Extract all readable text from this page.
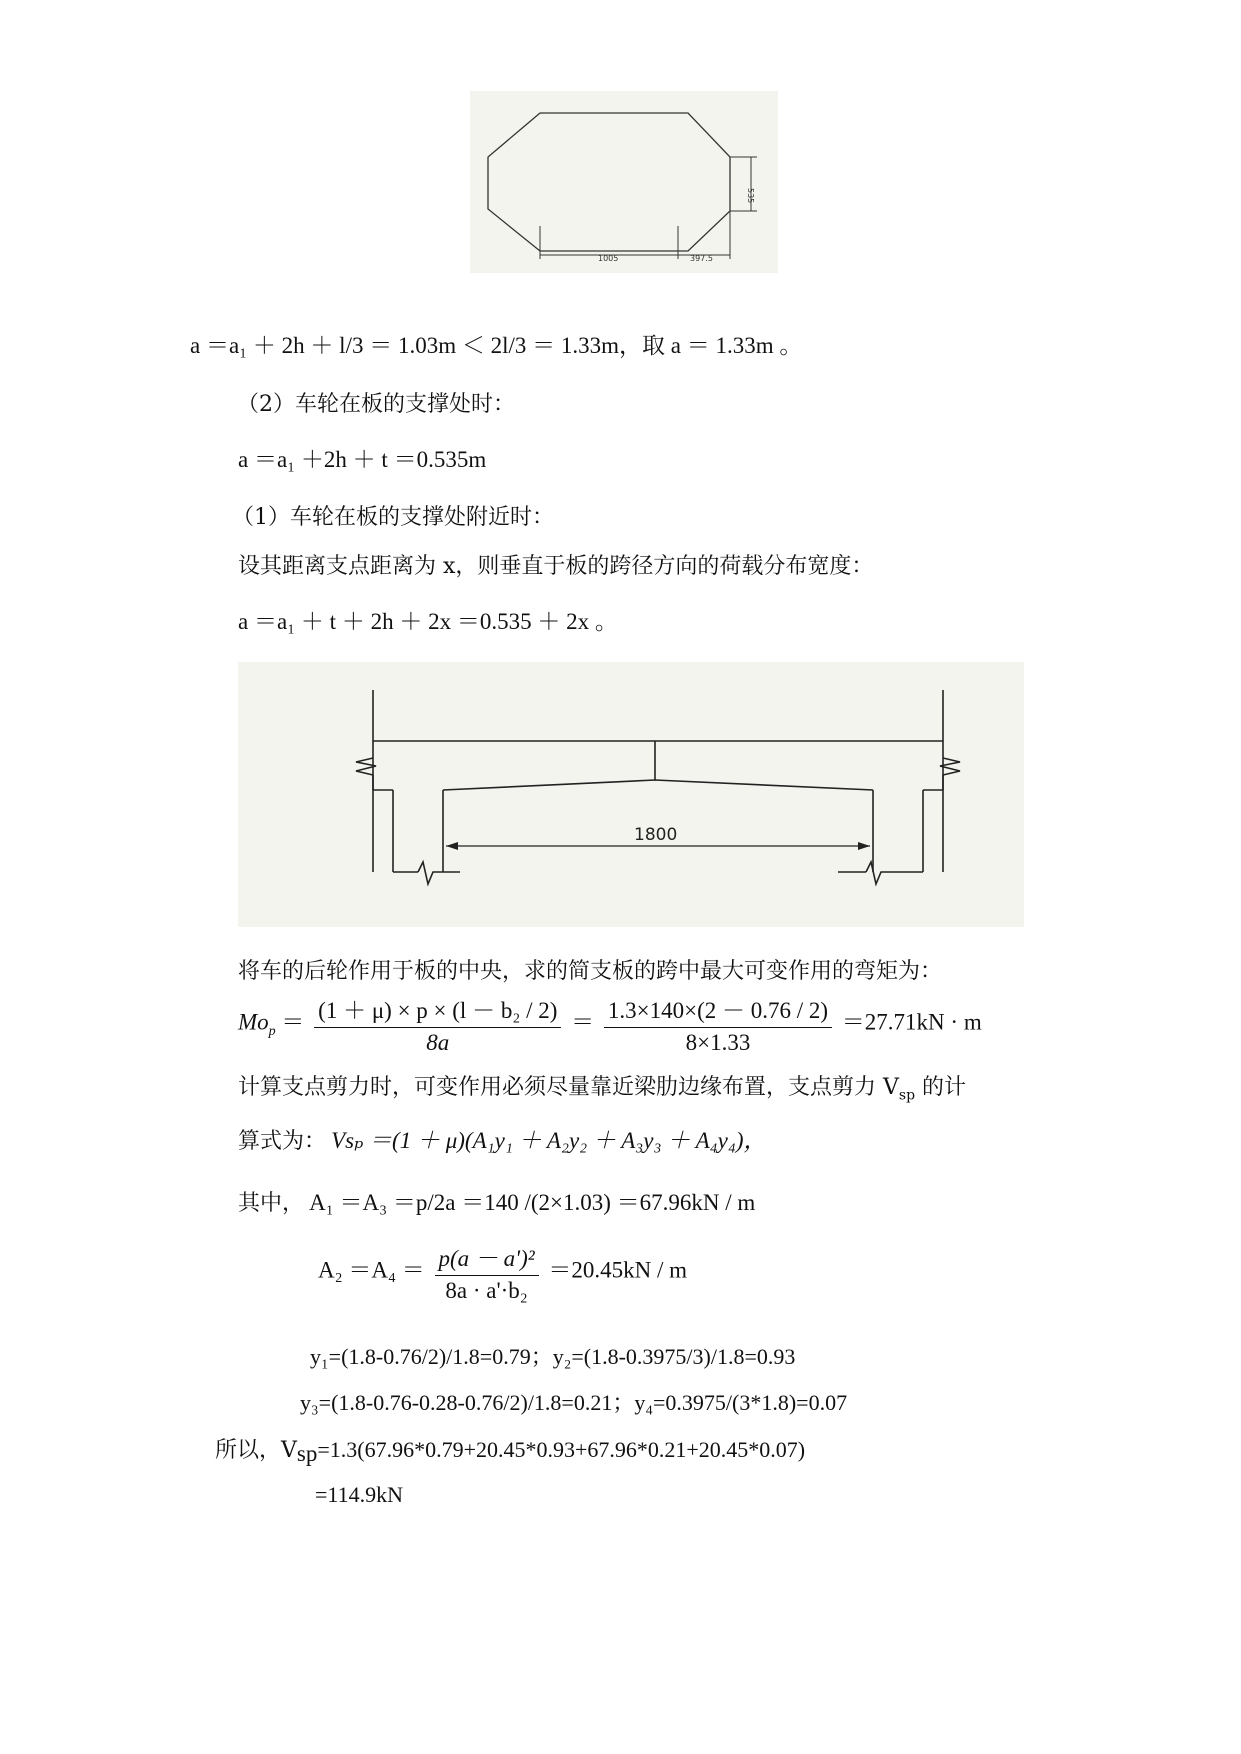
535
1005	397.5
a ＝a₁ ＋ 2h ＋ l/3 ＝ 1.03m ＜ 2l/3 ＝ 1.33m，取 a ＝ 1.33m 。
（2）车轮在板的支撑处时：
a ＝a₁ ＋2h ＋ t ＝0.535m
（1）车轮在板的支撑处附近时：
设其距离支点距离为 x，则垂直于板的跨径方向的荷载分布宽度：
a ＝a₁ ＋ t ＋ 2h ＋ 2x ＝0.535 ＋ 2x 。
1800
将车的后轮作用于板的中央，求的简支板的跨中最大可变作用的弯矩为：
$Mo_p = \frac{\text{(1 ＋ μ) × p × (l － b₂ / 2)}}{8a} = \frac{1.3\times 140\times(2 - 0.76 / 2)}{8\times 1.33} =27.71kN \cdot m$
计算支点剪力时，可变作用必须尽量靠近梁肋边缘布置，支点剪力 $V_{sp}$ 的计
算式为： Vsₚ ＝(1 ＋ μ)(A₁y₁ ＋ A₂y₂ ＋ A₃y₃ ＋ A₄y₄)，
其中， A₁ ＝A₃ ＝p/2a ＝140 /(2×1.03) ＝67.96kN / m
$A_2 =A_4 = \frac{\text{p(a － a')²}}{\text{8a · a'·b₂}} =20.45kN / m$
y₁=(1.8-0.76/2)/1.8=0.79；y₂=(1.8-0.3975/3)/1.8=0.93
y₃=(1.8-0.76-0.28-0.76/2)/1.8=0.21；y₄=0.3975/(3*1.8)=0.07
所以，$V_{sp}=1.3(67.96*0.79+20.45*0.93+67.96*0.21+20.45*0.07)$
=114.9kN
